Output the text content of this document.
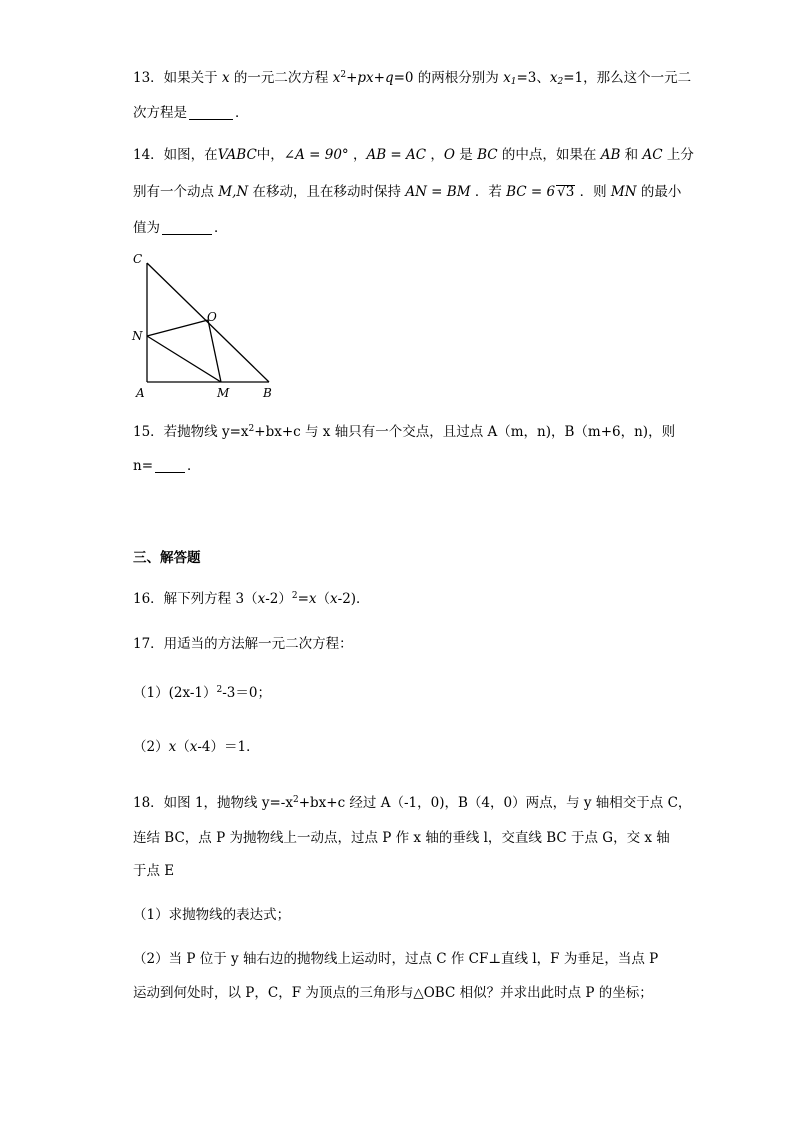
13．如果关于 x 的一元二次方程 $x^2+px+q=0$ 的两根分别为 $x_1=3$、$x_2=1$，那么这个一元二
次方程是	．
14．如图，在VABC中，∠A = 90° ，AB = AC ，O 是 BC 的中点，如果在 AB 和 AC 上分
别有一个动点 M,N 在移动，且在移动时保持 AN = BM ．若 BC = 6 √3 ．则 MN 的最小
值为	．
C
O
N
A	M	B
15．若抛物线 $y=x^2+bx+c$ 与 x 轴只有一个交点，且过点 A（m，n)，B（m+6，n)，则
n=	．
三、解答题
16．解下列方程 $3(x-2)^2=x(x-2)$．
17．用适当的方法解一元二次方程：
（1）(2x-1）$^2$-3＝0；
（2）x（x-4）＝1．
18．如图 1，抛物线 $y=-x^2+bx+c$ 经过 A（-1，0)，B（4，0）两点，与 y 轴相交于点 C，
连结 BC，点 P 为抛物线上一动点，过点 P 作 x 轴的垂线 l，交直线 BC 于点 G，交 x 轴
于点 E
（1）求抛物线的表达式；
（2）当 P 位于 y 轴右边的抛物线上运动时，过点 C 作 CF⊥直线 l，F 为垂足，当点 P
运动到何处时，以 P，C，F 为顶点的三角形与△OBC 相似？并求出此时点 P 的坐标；
